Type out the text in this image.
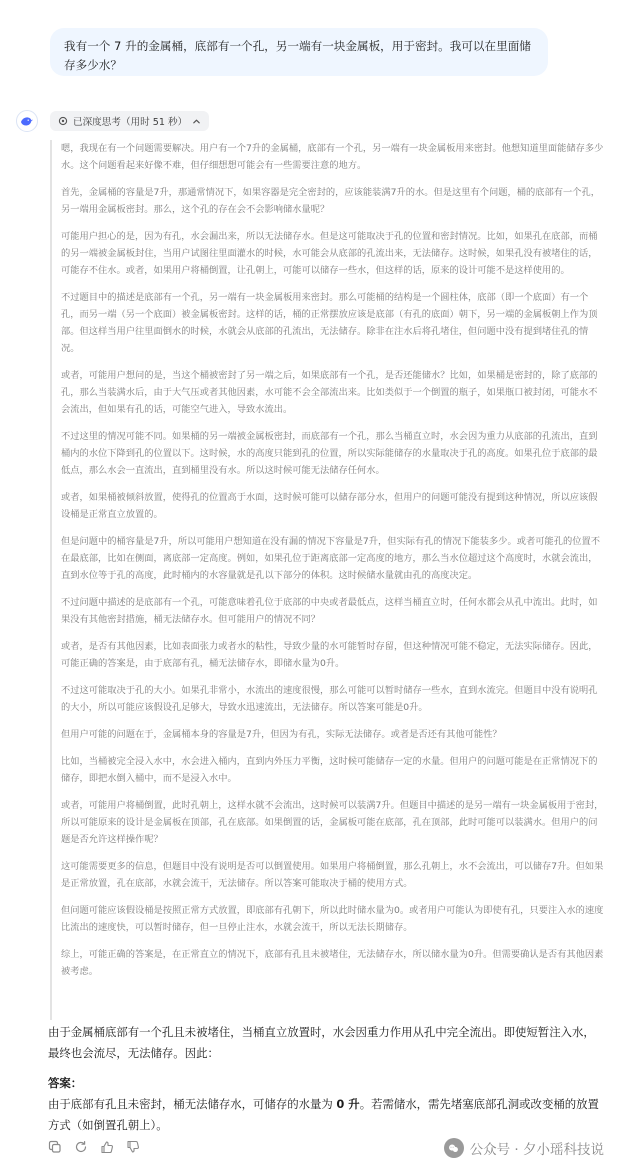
我有一个 7 升的金属桶，底部有一个孔，另一端有一块金属板，用于密封。我可以在里面储存多少水？

已深度思考（用时 51 秒）

嗯，我现在有一个问题需要解决。用户有一个7升的金属桶，底部有一个孔，另一端有一块金属板用来密封。他想知道里面能储存多少水。这个问题看起来好像不难，但仔细想想可能会有一些需要注意的地方。

首先，金属桶的容量是7升，那通常情况下，如果容器是完全密封的，应该能装满7升的水。但是这里有个问题，桶的底部有一个孔，另一端用金属板密封。那么，这个孔的存在会不会影响储水量呢？

可能用户担心的是，因为有孔，水会漏出来，所以无法储存水。但是这可能取决于孔的位置和密封情况。比如，如果孔在底部，而桶的另一端被金属板封住，当用户试图往里面灌水的时候，水可能会从底部的孔流出来，无法储存。这时候，如果孔没有被堵住的话，可能存不住水。或者，如果用户将桶倒置，让孔朝上，可能可以储存一些水，但这样的话，原来的设计可能不是这样使用的。

不过题目中的描述是底部有一个孔，另一端有一块金属板用来密封。那么可能桶的结构是一个圆柱体，底部（即一个底面）有一个孔，而另一端（另一个底面）被金属板密封。这样的话，桶的正常摆放应该是底部（有孔的底面）朝下，另一端的金属板朝上作为顶部。但这样当用户往里面倒水的时候，水就会从底部的孔流出，无法储存。除非在注水后将孔堵住，但问题中没有提到堵住孔的情况。

或者，可能用户想问的是，当这个桶被密封了另一端之后，如果底部有一个孔，是否还能储水？比如，如果桶是密封的，除了底部的孔，那么当装满水后，由于大气压或者其他因素，水可能不会全部流出来。比如类似于一个倒置的瓶子，如果瓶口被封闭，可能水不会流出，但如果有孔的话，可能空气进入，导致水流出。

不过这里的情况可能不同。如果桶的另一端被金属板密封，而底部有一个孔，那么当桶直立时，水会因为重力从底部的孔流出，直到桶内的水位下降到孔的位置以下。这时候，水的高度只能到孔的位置，所以实际能储存的水量取决于孔的高度。如果孔位于底部的最低点，那么水会一直流出，直到桶里没有水。所以这时候可能无法储存任何水。

或者，如果桶被倾斜放置，使得孔的位置高于水面，这时候可能可以储存部分水，但用户的问题可能没有提到这种情况，所以应该假设桶是正常直立放置的。

但是问题中的桶容量是7升，所以可能用户想知道在没有漏的情况下容量是7升，但实际有孔的情况下能装多少。或者可能孔的位置不在最底部，比如在侧面，离底部一定高度。例如，如果孔位于距离底部一定高度的地方，那么当水位超过这个高度时，水就会流出，直到水位等于孔的高度，此时桶内的水容量就是孔以下部分的体积。这时候储水量就由孔的高度决定。

不过问题中描述的是底部有一个孔，可能意味着孔位于底部的中央或者最低点，这样当桶直立时，任何水都会从孔中流出。此时，如果没有其他密封措施，桶无法储存水。但可能用户的情况不同？

或者，是否有其他因素，比如表面张力或者水的粘性，导致少量的水可能暂时存留，但这种情况可能不稳定，无法实际储存。因此，可能正确的答案是，由于底部有孔，桶无法储存水，即储水量为0升。

不过这可能取决于孔的大小。如果孔非常小，水流出的速度很慢，那么可能可以暂时储存一些水，直到水流完。但题目中没有说明孔的大小，所以可能应该假设孔足够大，导致水迅速流出，无法储存。所以答案可能是0升。

但用户可能的问题在于，金属桶本身的容量是7升，但因为有孔，实际无法储存。或者是否还有其他可能性？

比如，当桶被完全浸入水中，水会进入桶内，直到内外压力平衡，这时候可能储存一定的水量。但用户的问题可能是在正常情况下的储存，即把水倒入桶中，而不是浸入水中。

或者，可能用户将桶倒置，此时孔朝上，这样水就不会流出，这时候可以装满7升。但题目中描述的是另一端有一块金属板用于密封，所以可能原来的设计是金属板在顶部，孔在底部。如果倒置的话，金属板可能在底部，孔在顶部，此时可能可以装满水。但用户的问题是否允许这样操作呢？

这可能需要更多的信息，但题目中没有说明是否可以倒置使用。如果用户将桶倒置，那么孔朝上，水不会流出，可以储存7升。但如果是正常放置，孔在底部，水就会流干，无法储存。所以答案可能取决于桶的使用方式。

但问题可能应该假设桶是按照正常方式放置，即底部有孔朝下，所以此时储水量为0。或者用户可能认为即使有孔，只要注入水的速度比流出的速度快，可以暂时储存，但一旦停止注水，水就会流干，所以无法长期储存。

综上，可能正确的答案是，在正常直立的情况下，底部有孔且未被堵住，无法储存水，所以储水量为0升。但需要确认是否有其他因素被考虑。

由于金属桶底部有一个孔且未被堵住，当桶直立放置时，水会因重力作用从孔中完全流出。即使短暂注入水，最终也会流尽，无法储存。因此：

答案：

由于底部有孔且未密封，桶无法储存水，可储存的水量为 0 升。若需储水，需先堵塞底部孔洞或改变桶的放置方式（如倒置孔朝上）。

公众号 · 夕小瑶科技说
